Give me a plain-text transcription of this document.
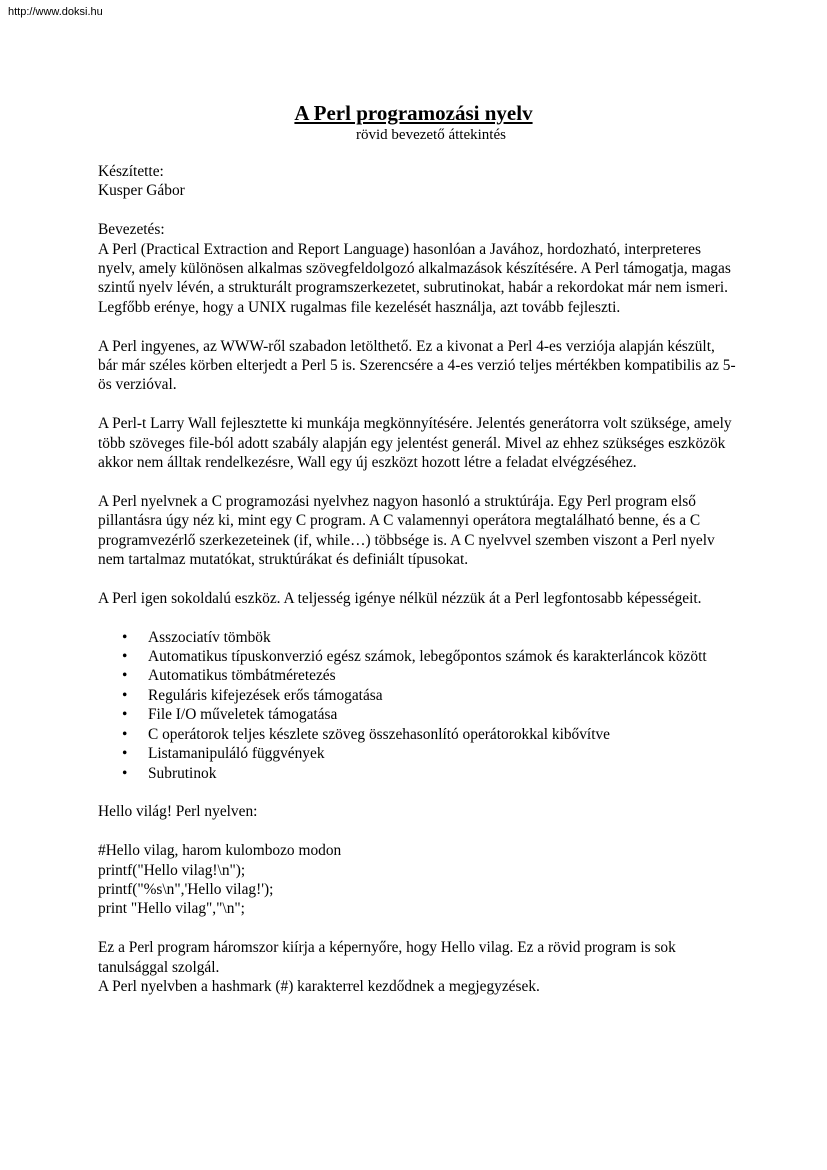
http://www.doksi.hu
A Perl programozási nyelv
rövid bevezető áttekintés

Készítette:

Kusper Gábor

Bevezetés:

A Perl (Practical Extraction and Report Language) hasonlóan a Javához, hordozható, interpreteres nyelv, amely különösen alkalmas szövegfeldolgozó alkalmazások készítésére. A Perl támogatja, magas szintű nyelv lévén, a strukturált programszerkezetet, subrutinokat, habár a rekordokat már nem ismeri. Legfőbb erénye, hogy a UNIX rugalmas file kezelését használja, azt tovább fejleszti.

A Perl ingyenes, az WWW-ről szabadon letölthető. Ez a kivonat a Perl 4-es verziója alapján készült, bár már széles körben elterjedt a Perl 5 is. Szerencsére a 4-es verzió teljes mértékben kompatibilis az 5-ös verzióval.

A Perl-t Larry Wall fejlesztette ki munkája megkönnyítésére. Jelentés generátorra volt szüksége, amely több szöveges file-ból adott szabály alapján egy jelentést generál. Mivel az ehhez szükséges eszközök akkor nem álltak rendelkezésre, Wall egy új eszközt hozott létre a feladat elvégzéséhez.

A Perl nyelvnek a C programozási nyelvhez nagyon hasonló a struktúrája. Egy Perl program első pillantásra úgy néz ki, mint egy C program. A C valamennyi operátora megtalálható benne, és a C programvezérlő szerkezeteinek (if, while…) többsége is. A C nyelvvel szemben viszont a Perl nyelv nem tartalmaz mutatókat, struktúrákat és definiált típusokat.

A Perl igen sokoldalú eszköz. A teljesség igénye nélkül nézzük át a Perl legfontosabb képességeit.

• Asszociatív tömbök
• Automatikus típuskonverzió egész számok, lebegőpontos számok és karakterláncok között
• Automatikus tömbátméretezés
• Reguláris kifejezések erős támogatása
• File I/O műveletek támogatása
• C operátorok teljes készlete szöveg összehasonlító operátorokkal kibővítve
• Listamanipuláló függvények
• Subrutinok

Hello világ! Perl nyelven:

#Hello vilag, harom kulombozo modon
printf("Hello vilag!\n");
printf("%s\n",'Hello vilag!');
print "Hello vilag","\n";

Ez a Perl program háromszor kiírja a képernyőre, hogy Hello vilag. Ez a rövid program is sok tanulsággal szolgál.

A Perl nyelvben a hashmark (#) karakterrel kezdődnek a megjegyzések.
